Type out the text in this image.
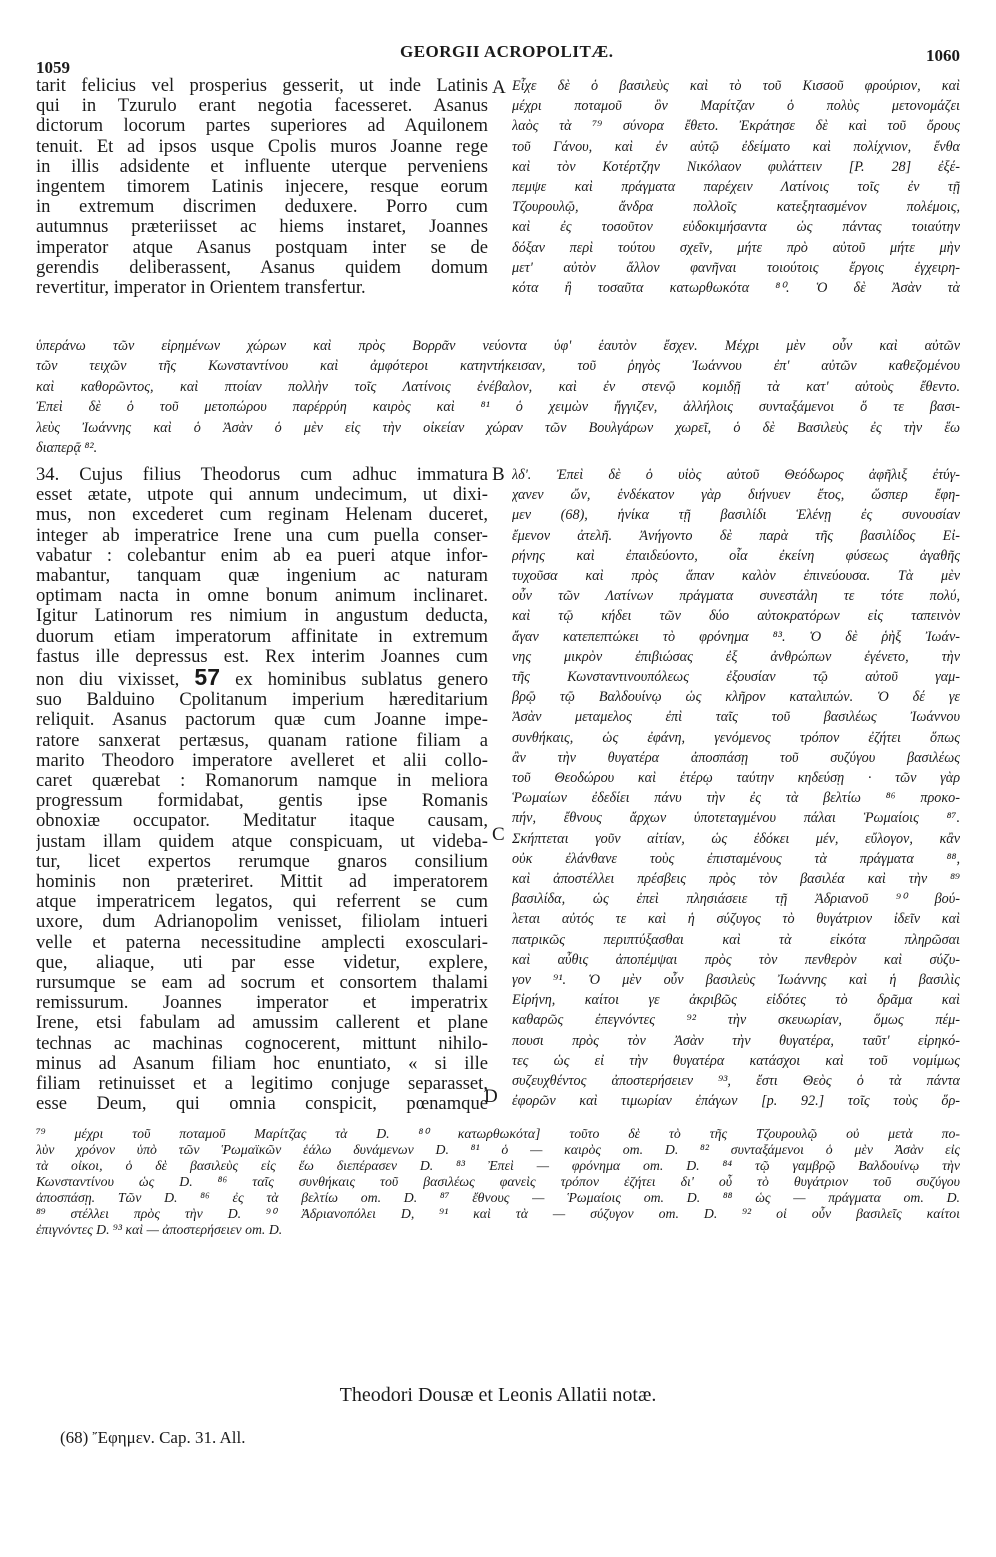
1059
GEORGII ACROPOLITÆ.	1060
tarit felicius vel prosperius gesserit, ut inde Latinis
qui in Tzurulo erant negotia facesseret. Asanus
dictorum locorum partes superiores ad Aquilonem
tenuit. Et ad ipsos usque Cpolis muros Joanne rege
in illis adsidente et influente uterque perveniens
ingentem timorem Latinis injecere, resque eorum
in extremum discrimen deduxere. Porro cum
autumnus præteriisset ac hiems instaret, Joannes
imperator atque Asanus postquam inter se de
gerendis deliberassent, Asanus quidem domum
revertitur, imperator in Orientem transfertur.
Εἶχε δὲ ὁ βασιλεὺς καὶ τὸ τοῦ Κισσοῦ φρούριον, καὶ
μέχρι ποταμοῦ ὃν Μαρίτζαν ὁ πολὺς μετονομάζει
λαὸς τὰ ⁷⁹ σύνορα ἔθετο. Ἐκράτησε δὲ καὶ τοῦ ὄρους
τοῦ Γάνου, καὶ ἐν αὐτῷ ἐδείματο καὶ πολίχνιον, ἔνθα
καὶ τὸν Κοτέρτζην Νικόλαον φυλάττειν [P. 28] ἐξέ-
πεμψε καὶ πράγματα παρέχειν Λατίνοις τοῖς ἐν τῇ
Τζουρουλῷ, ἄνδρα πολλοῖς κατεξητασμένον πολέμοις,
καὶ ἐς τοσοῦτον εὐδοκιμήσαντα ὡς πάντας τοιαύτην
δόξαν περὶ τούτου σχεῖν, μήτε πρὸ αὐτοῦ μήτε μὴν
μετ' αὐτὸν ἄλλον φανῆναι τοιούτοις ἔργοις ἐγχειρη-
κότα ἢ τοσαῦτα κατωρθωκότα ⁸⁰. Ὁ δὲ Ἀσὰν τὰ
A
ὑπεράνω τῶν εἰρημένων χώρων καὶ πρὸς Βορρᾶν νεύοντα ὑφ' ἑαυτὸν ἔσχεν. Μέχρι μὲν οὖν καὶ αὐτῶν
τῶν τειχῶν τῆς Κωνσταντίνου καὶ ἀμφότεροι κατηντήκεισαν, τοῦ ῥηγὸς Ἰωάννου ἐπ' αὐτῶν καθεζομένου
καὶ καθορῶντος, καὶ πτοίαν πολλὴν τοῖς Λατίνοις ἐνέβαλον, καὶ ἐν στενῷ κομιδῇ τὰ κατ' αὐτοὺς ἔθεντο.
Ἐπεὶ δὲ ὁ τοῦ μετοπώρου παρέρρύη καιρὸς καὶ ⁸¹ ὁ χειμὼν ἤγγιζεν, ἀλλήλοις συνταξάμενοι ὅ τε βασι-
λεὺς Ἰωάννης καὶ ὁ Ἀσὰν ὁ μὲν εἰς τὴν οἰκείαν χώραν τῶν Βουλγάρων χωρεῖ, ὁ δὲ Βασιλεὺς ἐς τὴν ἕω
διαπερᾷ ⁸².
B
C
D
34. Cujus filius Theodorus cum adhuc immatura
esset ætate, utpote qui annum undecimum, ut dixi-
mus, non excederet cum reginam Helenam duceret,
integer ab imperatrice Irene una cum puella conser-
vabatur : colebantur enim ab ea pueri atque infor-
mabantur, tanquam quæ ingenium ac naturam
optimam nacta in omne bonum animum inclinaret.
Igitur Latinorum res nimium in angustum deducta,
duorum etiam imperatorum affinitate in extremum
fastus ille depressus est. Rex interim Joannes cum
non diu vixisset, 57 ex hominibus sublatus genero
suo Balduino Cpolitanum imperium hæreditarium
reliquit. Asanus pactorum quæ cum Joanne impe-
ratore sanxerat pertæsus, quanam ratione filiam a
marito Theodoro imperatore avelleret et alii collo-
caret quærebat : Romanorum namque in meliora
progressum formidabat, gentis ipse Romanis
obnoxiæ occupator. Meditatur itaque causam,
justam illam quidem atque conspicuam, ut videba-
tur, licet expertos rerumque gnaros consilium
hominis non præteriret. Mittit ad imperatorem
atque imperatricem legatos, qui referrent se cum
uxore, dum Adrianopolim venisset, filiolam intueri
velle et paterna necessitudine amplecti exosculari-
que, aliaque, uti par esse videtur, explere,
rursumque se eam ad socrum et consortem thalami
remissurum. Joannes imperator et imperatrix
Irene, etsi fabulam ad amussim callerent et plane
technas ac machinas cognocerent, mittunt nihilo-
minus ad Asanum filiam hoc enuntiato, « si ille
filiam retinuisset et a legitimo conjuge separasset,
esse Deum, qui omnia conspicit, pœnamque
λδ'. Ἐπεὶ δὲ ὁ υἱὸς αὐτοῦ Θεόδωρος ἀφῆλιξ ἐτύγ-
χανεν ὤν, ἑνδέκατον γὰρ διήνυεν ἔτος, ὥσπερ ἔφη-
μεν (68), ἡνίκα τῇ βασιλίδι Ἑλένῃ ἐς συνουσίαν
ἔμενον ἀτελῆ. Ἀνήγοντο δὲ παρὰ τῆς βασιλίδος Εἰ-
ρήνης καὶ ἐπαιδεύοντο, οἷα ἐκείνη φύσεως ἀγαθῆς
τυχοῦσα καὶ πρὸς ἅπαν καλὸν ἐπινεύουσα. Τὰ μὲν
οὖν τῶν Λατίνων πράγματα συνεστάλη τε τότε πολύ,
καὶ τῷ κήδει τῶν δύο αὐτοκρατόρων εἰς ταπεινὸν
ἄγαν κατεπεπτώκει τὸ φρόνημα ⁸³. Ὁ δὲ ῥὴξ Ἰωάν-
νης μικρὸν ἐπιβιώσας ἐξ ἀνθρώπων ἐγένετο, τὴν
τῆς Κωνσταντινουπόλεως ἐξουσίαν τῷ αὐτοῦ γαμ-
βρῷ τῷ Βαλδουίνῳ ὡς κλῆρον καταλιπών. Ὁ δέ γε
Ἀσὰν μεταμελος ἐπὶ ταῖς τοῦ βασιλέως Ἰωάννου
συνθήκαις, ὡς ἐφάνη, γενόμενος τρόπον ἐζήτει ὅπως
ἂν τὴν θυγατέρα ἀποσπάσῃ τοῦ συζύγου βασιλέως
τοῦ Θεοδώρου καὶ ἑτέρῳ ταύτην κηδεύσῃ · τῶν γὰρ
Ῥωμαίων ἐδεδίει πάνυ τὴν ἐς τὰ βελτίω ⁸⁶ προκο-
πήν, ἔθνους ἄρχων ὑποτεταγμένου πάλαι Ῥωμαίοις ⁸⁷.
Σκήπτεται γοῦν αἰτίαν, ὡς ἐδόκει μέν, εὔλογον, κἂν
οὐκ ἐλάνθανε τοὺς ἐπισταμένους τὰ πράγματα ⁸⁸,
καὶ ἀποστέλλει πρέσβεις πρὸς τὸν βασιλέα καὶ τὴν ⁸⁹
βασιλίδα, ὡς ἐπεὶ πλησιάσειε τῇ Ἀδριανοῦ ⁹⁰ βού-
λεται αὐτός τε καὶ ἡ σύζυγος τὸ θυγάτριον ἰδεῖν καὶ
πατρικῶς περιπτύξασθαι καὶ τὰ εἰκότα πληρῶσαι
καὶ αὖθις ἀποπέμψαι πρὸς τὸν πενθερὸν καὶ σύζυ-
γον ⁹¹. Ὁ μὲν οὖν βασιλεὺς Ἰωάννης καὶ ἡ βασιλὶς
Εἰρήνη, καίτοι γε ἀκριβῶς εἰδότες τὸ δρᾶμα καὶ
καθαρῶς ἐπεγνόντες ⁹² τὴν σκευωρίαν, ὅμως πέμ-
πουσι πρὸς τὸν Ἀσὰν τὴν θυγατέρα, ταῦτ' εἰρηκό-
τες ὡς εἰ τὴν θυγατέρα κατάσχοι καὶ τοῦ νομίμως
συζευχθέντος ἀποστερήσειεν ⁹³, ἔστι Θεὸς ὁ τὰ πάντα
ἐφορῶν καὶ τιμωρίαν ἐπάγων [p. 92.] τοῖς τοὺς ὅρ-
⁷⁹ μέχρι τοῦ ποταμοῦ Μαρίτζας τὰ D. ⁸⁰ κατωρθωκότα] τοῦτο δὲ τὸ τῆς Τζουρουλῷ οὐ μετὰ πο-
λὺν χρόνον ὑπὸ τῶν Ῥωμαϊκῶν ἑάλω δυνάμενων D. ⁸¹ ὁ — καιρὸς om. D. ⁸² συνταξάμενοι ὁ μὲν Ἀσὰν εἰς
τὰ οἰκοι, ὁ δὲ βασιλεὺς εἰς ἕω διεπέρασεν D. ⁸³ Ἐπεὶ — φρόνημα om. D. ⁸⁴ τῷ γαμβρῷ Βαλδουίνῳ τὴν
Κωνσταντίνου ὡς D. ⁸⁶ ταῖς συνθήκαις τοῦ βασιλέως φανεὶς τρόπον ἐζήτει δι' οὗ τὸ θυγάτριον τοῦ συζύγου
ἀποσπάσῃ. Τῶν D. ⁸⁶ ἐς τὰ βελτίω om. D. ⁸⁷ ἔθνους — Ῥωμαίοις om. D. ⁸⁸ ὡς — πράγματα om. D.
⁸⁹ στέλλει πρὸς τὴν D. ⁹⁰ Ἀδριανοπόλει D, ⁹¹ καὶ τὰ — σύζυγον om. D. ⁹² οἱ οὖν βασιλεῖς καίτοι
ἐπιγνόντες D. ⁹³ καὶ — ἀποστερήσειεν om. D.
Theodori Dousæ et Leonis Allatii notæ.
(68) Ἔφημεν. Cap. 31. All.
